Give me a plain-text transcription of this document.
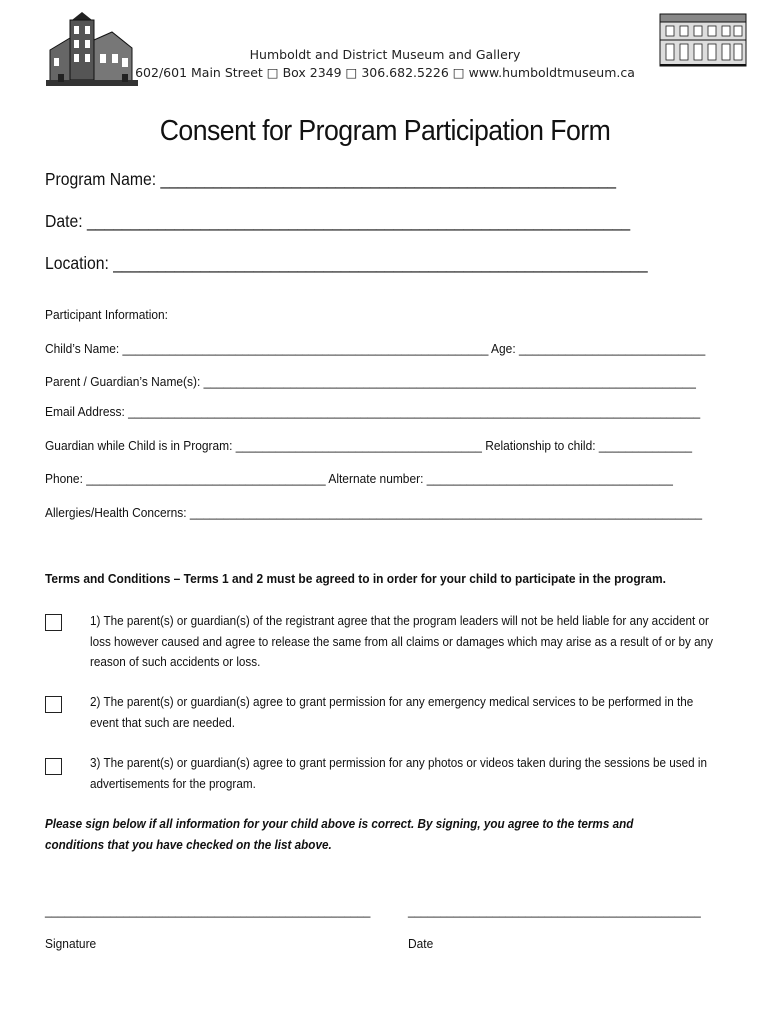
Humboldt and District Museum and Gallery
602/601 Main Street □ Box 2349 □ 306.682.5226 □ www.humboldtmuseum.ca
Consent for Program Participation Form
Program Name: ____________________________________________________
Date: ______________________________________________________________
Location: _____________________________________________________________
Participant Information:
Child’s Name: _______________________________________________________ Age: ____________________________
Parent / Guardian’s Name(s): __________________________________________________________________________
Email Address: ______________________________________________________________________________________
Guardian while Child is in Program: _____________________________________ Relationship to child: ______________
Phone: ____________________________________ Alternate number: _____________________________________
Allergies/Health Concerns: _____________________________________________________________________________
Terms and Conditions – Terms 1 and 2 must be agreed to in order for your child to participate in the program.
1) The parent(s) or guardian(s) of the registrant agree that the program leaders will not be held liable for any accident or loss however caused and agree to release the same from all claims or damages which may arise as a result of or by any reason of such accidents or loss.
2) The parent(s) or guardian(s) agree to grant permission for any emergency medical services to be performed in the event that such are needed.
3) The parent(s) or guardian(s) agree to grant permission for any photos or videos taken during the sessions be used in advertisements for the program.
Please sign below if all information for your child above is correct. By signing, you agree to the terms and conditions that you have checked on the list above.
__________________________________________________	_____________________________________________
Signature	Date
